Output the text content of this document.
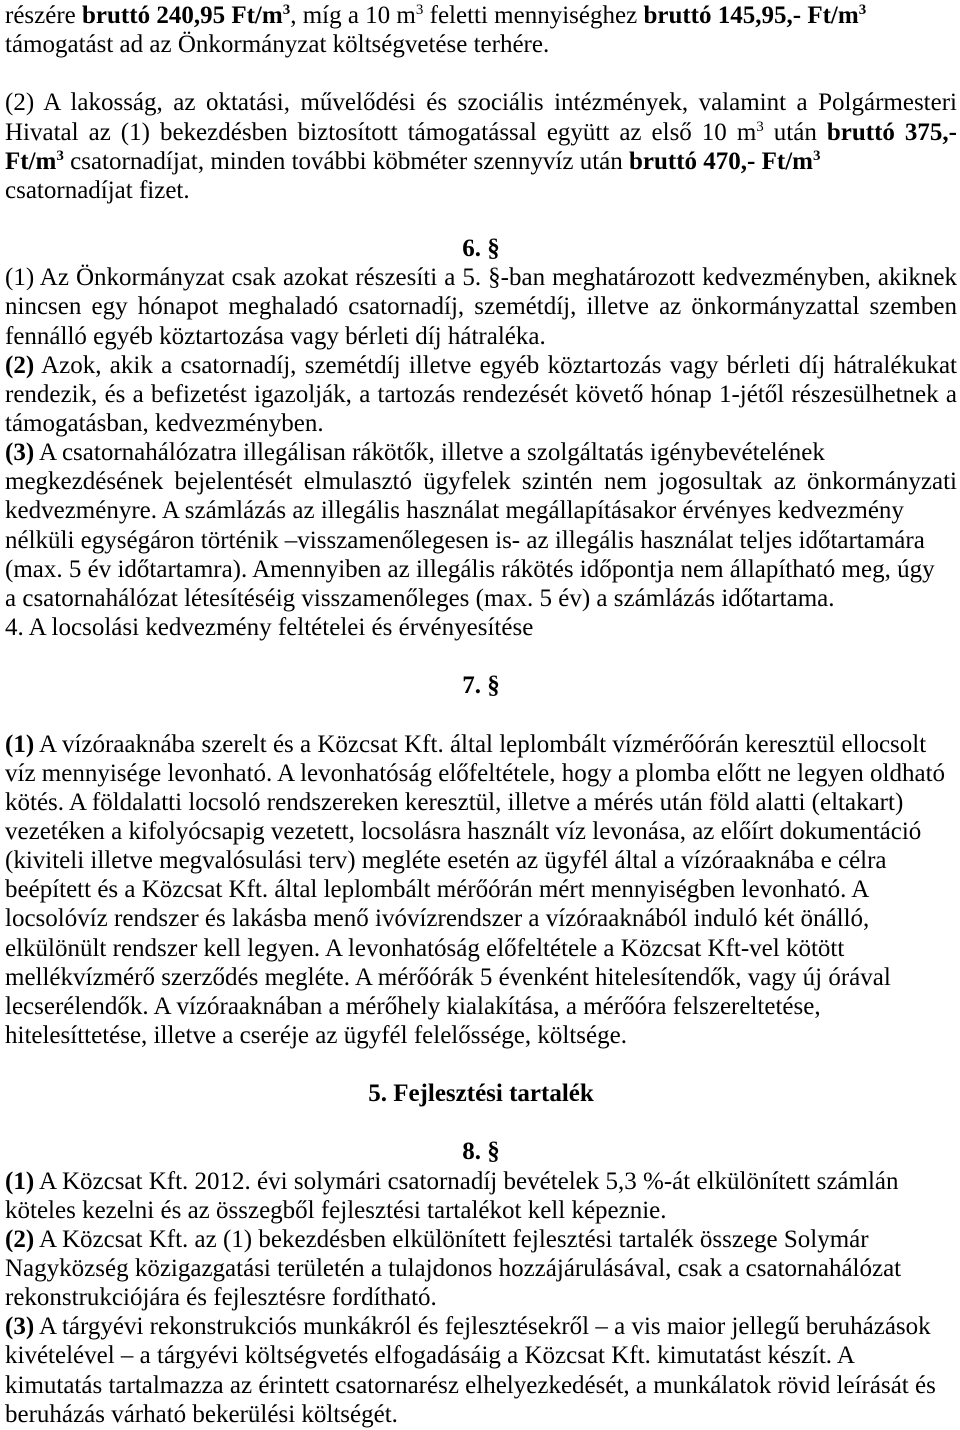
részére bruttó 240,95 $Ft/m^3$, míg a 10 $m^3$ feletti mennyiséghez bruttó 145,95,- $Ft/m^3$
támogatást ad az Önkormányzat költségvetése terhére.
(2) A lakosság, az oktatási, művelődési és szociális intézmények, valamint a Polgármesteri
Hivatal az (1) bekezdésben biztosított támogatással együtt az első 10 $m^3$ után bruttó 375,-
$Ft/m^3$ csatornadíjat, minden további köbméter szennyvíz után bruttó 470,- $Ft/m^3$
csatornadíjat fizet.
6. §
(1) Az Önkormányzat csak azokat részesíti a 5. §-ban meghatározott kedvezményben, akiknek
nincsen egy hónapot meghaladó csatornadíj, szemétdíj, illetve az önkormányzattal szemben
fennálló egyéb köztartozása vagy bérleti díj hátraléka.
(2) Azok, akik a csatornadíj, szemétdíj illetve egyéb köztartozás vagy bérleti díj hátralékukat
rendezik, és a befizetést igazolják, a tartozás rendezését követő hónap 1-jétől részesülhetnek a
támogatásban, kedvezményben.
(3) A csatornahálózatra illegálisan rákötők, illetve a szolgáltatás igénybevételének
megkezdésének bejelentését elmulasztó ügyfelek szintén nem jogosultak az önkormányzati
kedvezményre. A számlázás az illegális használat megállapításakor érvényes kedvezmény
nélküli egységáron történik –visszamenőlegesen is- az illegális használat teljes időtartamára
(max. 5 év időtartamra). Amennyiben az illegális rákötés időpontja nem állapítható meg, úgy
a csatornahálózat létesítéséig visszamenőleges (max. 5 év) a számlázás időtartama.
4. A locsolási kedvezmény feltételei és érvényesítése
7. §
(1) A vízóraaknába szerelt és a Közcsat Kft. által leplombált vízmérőórán keresztül ellocsolt
víz mennyisége levonható. A levonhatóság előfeltétele, hogy a plomba előtt ne legyen oldható
kötés. A földalatti locsoló rendszereken keresztül, illetve a mérés után föld alatti (eltakart)
vezetéken a kifolyócsapig vezetett, locsolásra használt víz levonása, az előírt dokumentáció
(kiviteli illetve megvalósulási terv) megléte esetén az ügyfél által a vízóraaknába e célra
beépített és a Közcsat Kft. által leplombált mérőórán mért mennyiségben levonható. A
locsolóvíz rendszer és lakásba menő ivóvízrendszer a vízóraaknából induló két önálló,
elkülönült rendszer kell legyen. A levonhatóság előfeltétele a Közcsat Kft-vel kötött
mellékvízmérő szerződés megléte. A mérőórák 5 évenként hitelesítendők, vagy új órával
lecserélendők. A vízóraaknában a mérőhely kialakítása, a mérőóra felszereltetése,
hitelesíttetése, illetve a cseréje az ügyfél felelőssége, költsége.
5. Fejlesztési tartalék
8. §
(1) A Közcsat Kft. 2012. évi solymári csatornadíj bevételek 5,3 %-át elkülönített számlán
köteles kezelni és az összegből fejlesztési tartalékot kell képeznie.
(2) A Közcsat Kft. az (1) bekezdésben elkülönített fejlesztési tartalék összege Solymár
Nagyközség közigazgatási területén a tulajdonos hozzájárulásával, csak a csatornahálózat
rekonstrukciójára és fejlesztésre fordítható.
(3) A tárgyévi rekonstrukciós munkákról és fejlesztésekről – a vis maior jellegű beruházások
kivételével – a tárgyévi költségvetés elfogadásáig a Közcsat Kft. kimutatást készít. A
kimutatás tartalmazza az érintett csatornarész elhelyezkedését, a munkálatok rövid leírását és
beruházás várható bekerülési költségét.
